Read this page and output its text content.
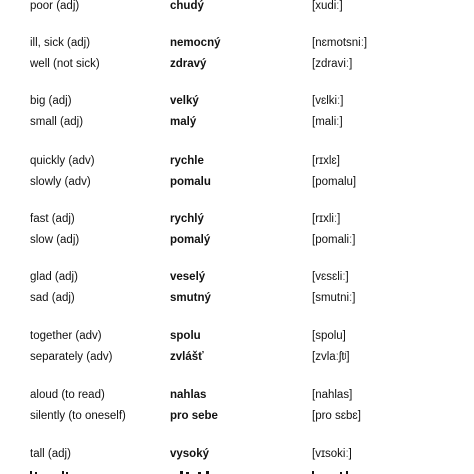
poor (adj)	chudý	[xudiː]
ill, sick (adj)	nemocný	[nɛmotsniː]
well (not sick)	zdravý	[zdraviː]
big (adj)	velký	[vɛlkiː]
small (adj)	malý	[maliː]
quickly (adv)	rychle	[rɪxlɛ]
slowly (adv)	pomalu	[pomalu]
fast (adj)	rychlý	[rɪxliː]
slow (adj)	pomalý	[pomaliː]
glad (adj)	veselý	[vɛsɛliː]
sad (adj)	smutný	[smutniː]
together (adv)	spolu	[spolu]
separately (adv)	zvlášť	[zvlaːʃtʲ]
aloud (to read)	nahlas	[nahlas]
silently (to oneself)	pro sebe	[pro sɛbɛ]
tall (adj)	vysoký	[vɪsokiː]
